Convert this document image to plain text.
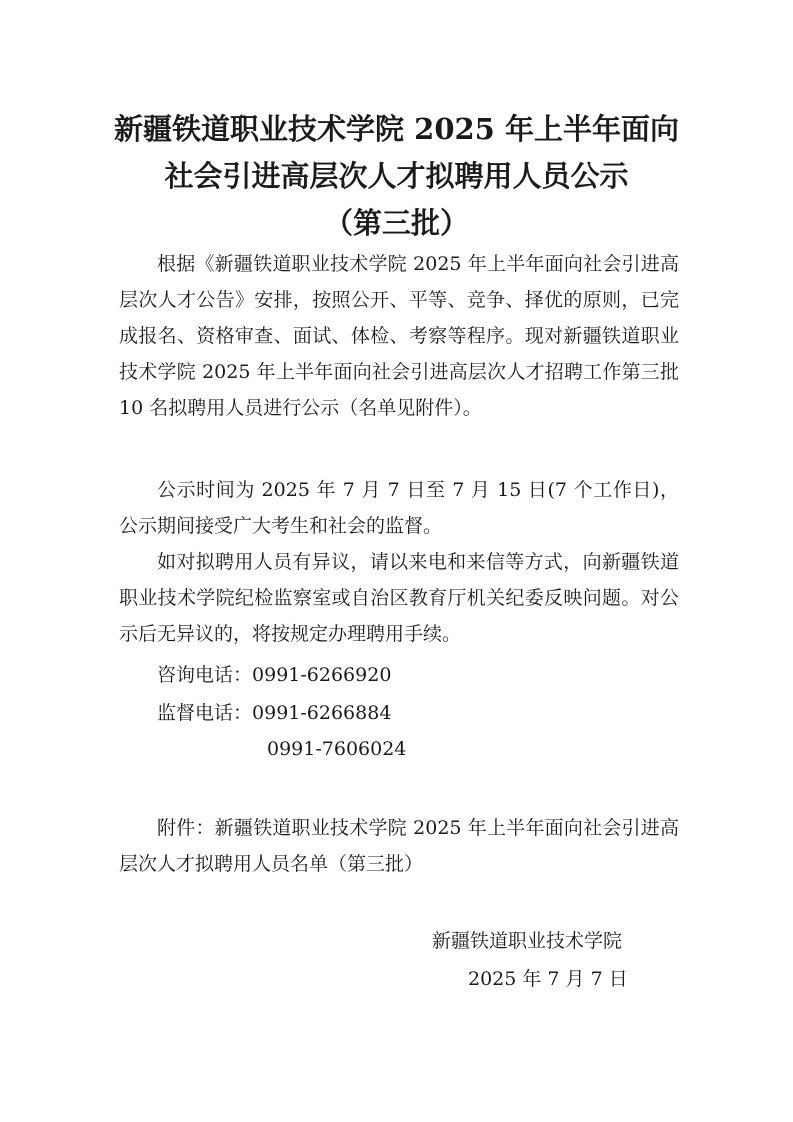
新疆铁道职业技术学院 2025 年上半年面向
社会引进高层次人才拟聘用人员公示
（第三批）

根据《新疆铁道职业技术学院 2025 年上半年面向社会引进高层次人才公告》安排，按照公开、平等、竞争、择优的原则，已完成报名、资格审查、面试、体检、考察等程序。现对新疆铁道职业技术学院 2025 年上半年面向社会引进高层次人才招聘工作第三批 10 名拟聘用人员进行公示（名单见附件）。

公示时间为 2025 年 7 月 7 日至 7 月 15 日(7 个工作日)，公示期间接受广大考生和社会的监督。

如对拟聘用人员有异议，请以来电和来信等方式，向新疆铁道职业技术学院纪检监察室或自治区教育厅机关纪委反映问题。对公示后无异议的，将按规定办理聘用手续。

咨询电话：0991-6266920
监督电话：0991-6266884
0991-7606024

附件：新疆铁道职业技术学院 2025 年上半年面向社会引进高层次人才拟聘用人员名单（第三批）

新疆铁道职业技术学院
2025 年 7 月 7 日
